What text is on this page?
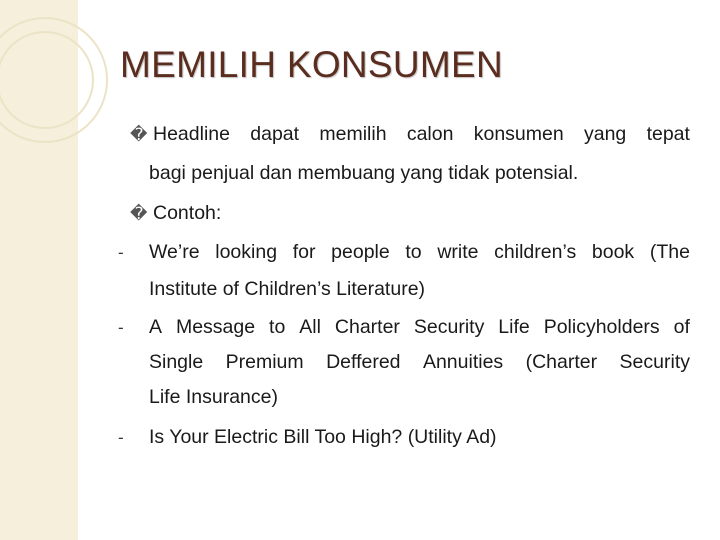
MEMILIH KONSUMEN
� Headline dapat memilih calon konsumen yang tepat
bagi penjual dan membuang yang tidak potensial.
� Contoh:
- We’re looking for people to write children’s book (The
Institute of Children’s Literature)
- A Message to All Charter Security Life Policyholders of
Single Premium Deffered Annuities (Charter Security
Life Insurance)
- Is Your Electric Bill Too High? (Utility Ad)
